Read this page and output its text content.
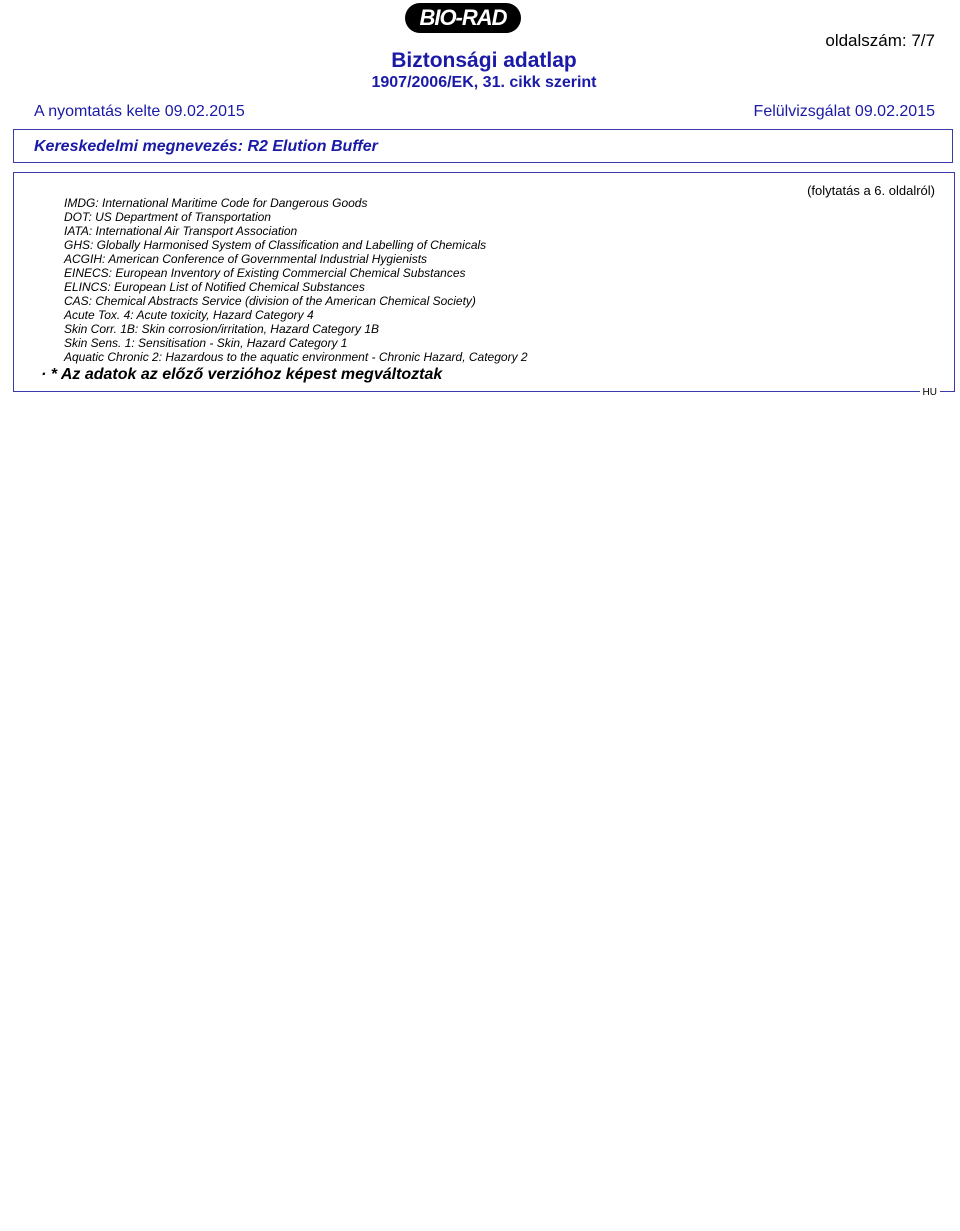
BIO-RAD
oldalszám: 7/7
Biztonsági adatlap
1907/2006/EK, 31. cikk szerint
A nyomtatás kelte 09.02.2015	Felülvizsgálat 09.02.2015
Kereskedelmi megnevezés: R2 Elution Buffer
(folytatás a 6. oldalról)
IMDG: International Maritime Code for Dangerous Goods
DOT: US Department of Transportation
IATA: International Air Transport Association
GHS: Globally Harmonised System of Classification and Labelling of Chemicals
ACGIH: American Conference of Governmental Industrial Hygienists
EINECS: European Inventory of Existing Commercial Chemical Substances
ELINCS: European List of Notified Chemical Substances
CAS: Chemical Abstracts Service (division of the American Chemical Society)
Acute Tox. 4: Acute toxicity, Hazard Category 4
Skin Corr. 1B: Skin corrosion/irritation, Hazard Category 1B
Skin Sens. 1: Sensitisation - Skin, Hazard Category 1
Aquatic Chronic 2: Hazardous to the aquatic environment - Chronic Hazard, Category 2
· * Az adatok az előző verzióhoz képest megváltoztak
HU
